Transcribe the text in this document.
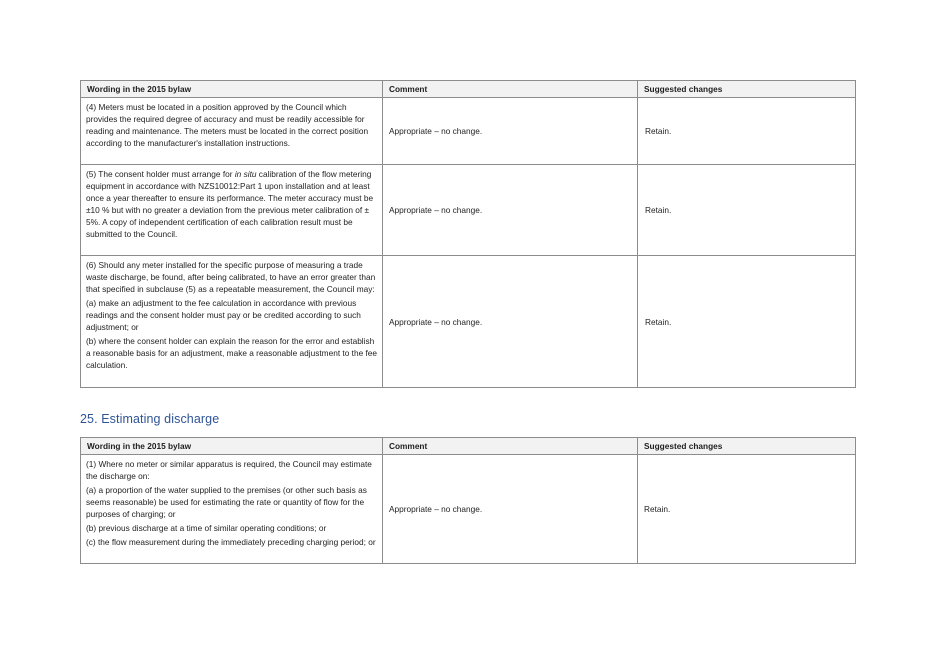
Wording in the 2015 bylaw	Comment	Suggested changes

(4) Meters must be located in a position approved by the Council which provides the required degree of accuracy and must be readily accessible for reading and maintenance. The meters must be located in the correct position according to the manufacturer's installation instructions.	Appropriate – no change.	Retain.

(5) The consent holder must arrange for in situ calibration of the flow metering equipment in accordance with NZS10012:Part 1 upon installation and at least once a year thereafter to ensure its performance. The meter accuracy must be ±10 % but with no greater a deviation from the previous meter calibration of ± 5%. A copy of independent certification of each calibration result must be submitted to the Council.	Appropriate – no change.	Retain.

(6) Should any meter installed for the specific purpose of measuring a trade waste discharge, be found, after being calibrated, to have an error greater than that specified in subclause (5) as a repeatable measurement, the Council may:

(a) make an adjustment to the fee calculation in accordance with previous readings and the consent holder must pay or be credited according to such adjustment; or

(b) where the consent holder can explain the reason for the error and establish a reasonable basis for an adjustment, make a reasonable adjustment to the fee calculation.	Appropriate – no change.	Retain.
25. Estimating discharge
Wording in the 2015 bylaw	Comment	Suggested changes

(1) Where no meter or similar apparatus is required, the Council may estimate the discharge on:

(a) a proportion of the water supplied to the premises (or other such basis as seems reasonable) be used for estimating the rate or quantity of flow for the purposes of charging; or

(b) previous discharge at a time of similar operating conditions; or

(c) the flow measurement during the immediately preceding charging period; or	Appropriate – no change.	Retain.
